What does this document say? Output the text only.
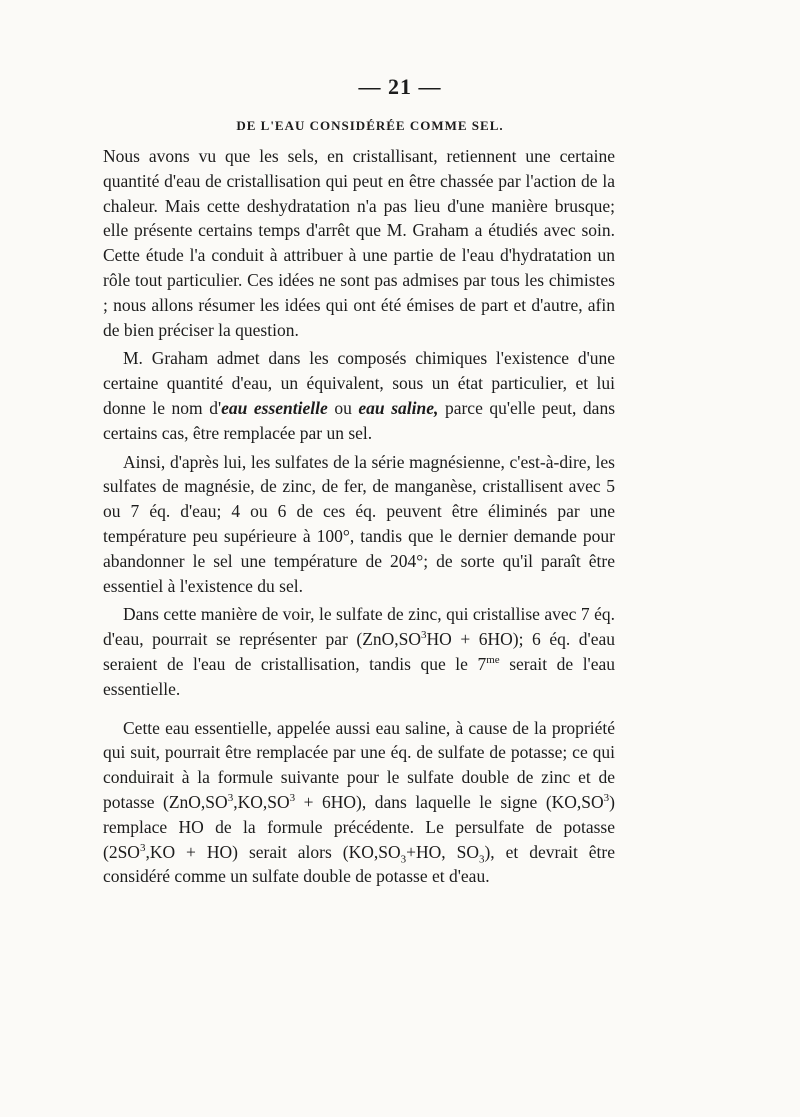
— 21 —
DE L'EAU CONSIDÉRÉE COMME SEL.

Nous avons vu que les sels, en cristallisant, retiennent une certaine quantité d'eau de cristallisation qui peut en être chassée par l'action de la chaleur. Mais cette deshydratation n'a pas lieu d'une manière brusque; elle présente certains temps d'arrêt que M. Graham a étudiés avec soin. Cette étude l'a conduit à attribuer à une partie de l'eau d'hydratation un rôle tout particulier. Ces idées ne sont pas admises par tous les chimistes ; nous allons résumer les idées qui ont été émises de part et d'autre, afin de bien préciser la question.

M. Graham admet dans les composés chimiques l'existence d'une certaine quantité d'eau, un équivalent, sous un état particulier, et lui donne le nom d'eau essentielle ou eau saline, parce qu'elle peut, dans certains cas, être remplacée par un sel.

Ainsi, d'après lui, les sulfates de la série magnésienne, c'est-à-dire, les sulfates de magnésie, de zinc, de fer, de manganèse, cristallisent avec 5 ou 7 éq. d'eau; 4 ou 6 de ces éq. peuvent être éliminés par une température peu supérieure à 100°, tandis que le dernier demande pour abandonner le sel une température de 204°; de sorte qu'il paraît être essentiel à l'existence du sel.

Dans cette manière de voir, le sulfate de zinc, qui cristallise avec 7 éq. d'eau, pourrait se représenter par $(ZnO,SO^3HO + 6HO)$; 6 éq. d'eau seraient de l'eau de cristallisation, tandis que le $7^{me}$ serait de l'eau essentielle.

Cette eau essentielle, appelée aussi eau saline, à cause de la propriété qui suit, pourrait être remplacée par une éq. de sulfate de potasse; ce qui conduirait à la formule suivante pour le sulfate double de zinc et de potasse $(ZnO,SO^3,KO,SO^3 + 6HO)$, dans laquelle le signe $(KO,SO^3)$ remplace HO de la formule précédente. Le persulfate de potasse $(2SO^3,KO + HO)$ serait alors ($KO,SO_3+HO$, $SO_3$), et devrait être considéré comme un sulfate double de potasse et d'eau.
